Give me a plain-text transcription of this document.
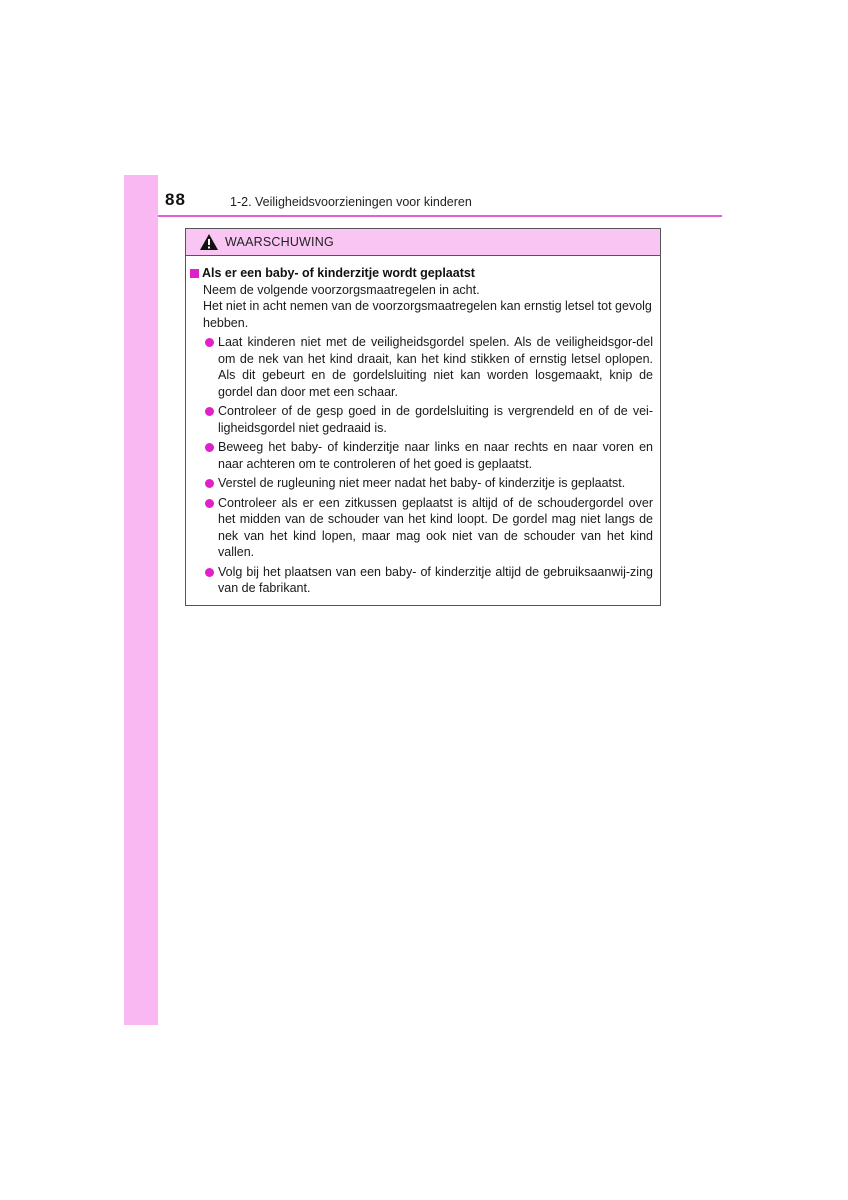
88	1-2. Veiligheidsvoorzieningen voor kinderen
WAARSCHUWING
Als er een baby- of kinderzitje wordt geplaatst
Neem de volgende voorzorgsmaatregelen in acht.
Het niet in acht nemen van de voorzorgsmaatregelen kan ernstig letsel tot gevolg hebben.
Laat kinderen niet met de veiligheidsgordel spelen. Als de veiligheidsgor-del om de nek van het kind draait, kan het kind stikken of ernstig letsel oplopen. Als dit gebeurt en de gordelsluiting niet kan worden losgemaakt, knip de gordel dan door met een schaar.
Controleer of de gesp goed in de gordelsluiting is vergrendeld en of de vei-ligheidsgordel niet gedraaid is.
Beweeg het baby- of kinderzitje naar links en naar rechts en naar voren en naar achteren om te controleren of het goed is geplaatst.
Verstel de rugleuning niet meer nadat het baby- of kinderzitje is geplaatst.
Controleer als er een zitkussen geplaatst is altijd of de schoudergordel over het midden van de schouder van het kind loopt. De gordel mag niet langs de nek van het kind lopen, maar mag ook niet van de schouder van het kind vallen.
Volg bij het plaatsen van een baby- of kinderzitje altijd de gebruiksaanwij-zing van de fabrikant.
